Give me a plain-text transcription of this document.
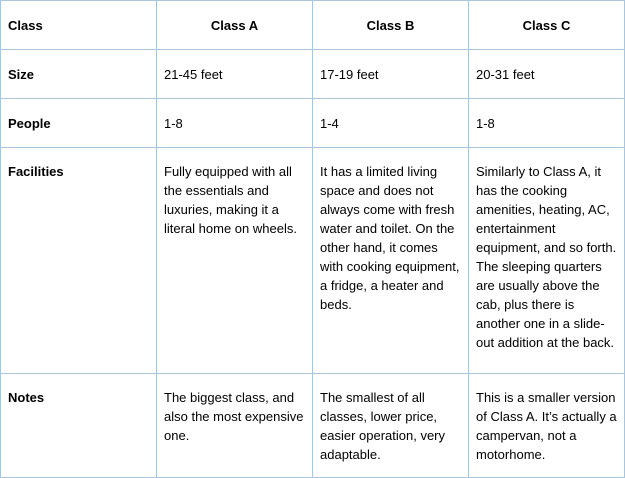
Class	Class A	Class B	Class C
Size	21-45 feet	17-19 feet	20-31 feet
People	1-8	1-4	1-8
Facilities	Fully equipped with all the essentials and luxuries, making it a literal home on wheels.	It has a limited living space and does not always come with fresh water and toilet. On the other hand, it comes with cooking equipment, a fridge, a heater and beds.	Similarly to Class A, it has the cooking amenities, heating, AC, entertainment equipment, and so forth. The sleeping quarters are usually above the cab, plus there is another one in a slide-out addition at the back.
Notes	The biggest class, and also the most expensive one.	The smallest of all classes, lower price, easier operation, very adaptable.	This is a smaller version of Class A. It’s actually a campervan, not a motorhome.
